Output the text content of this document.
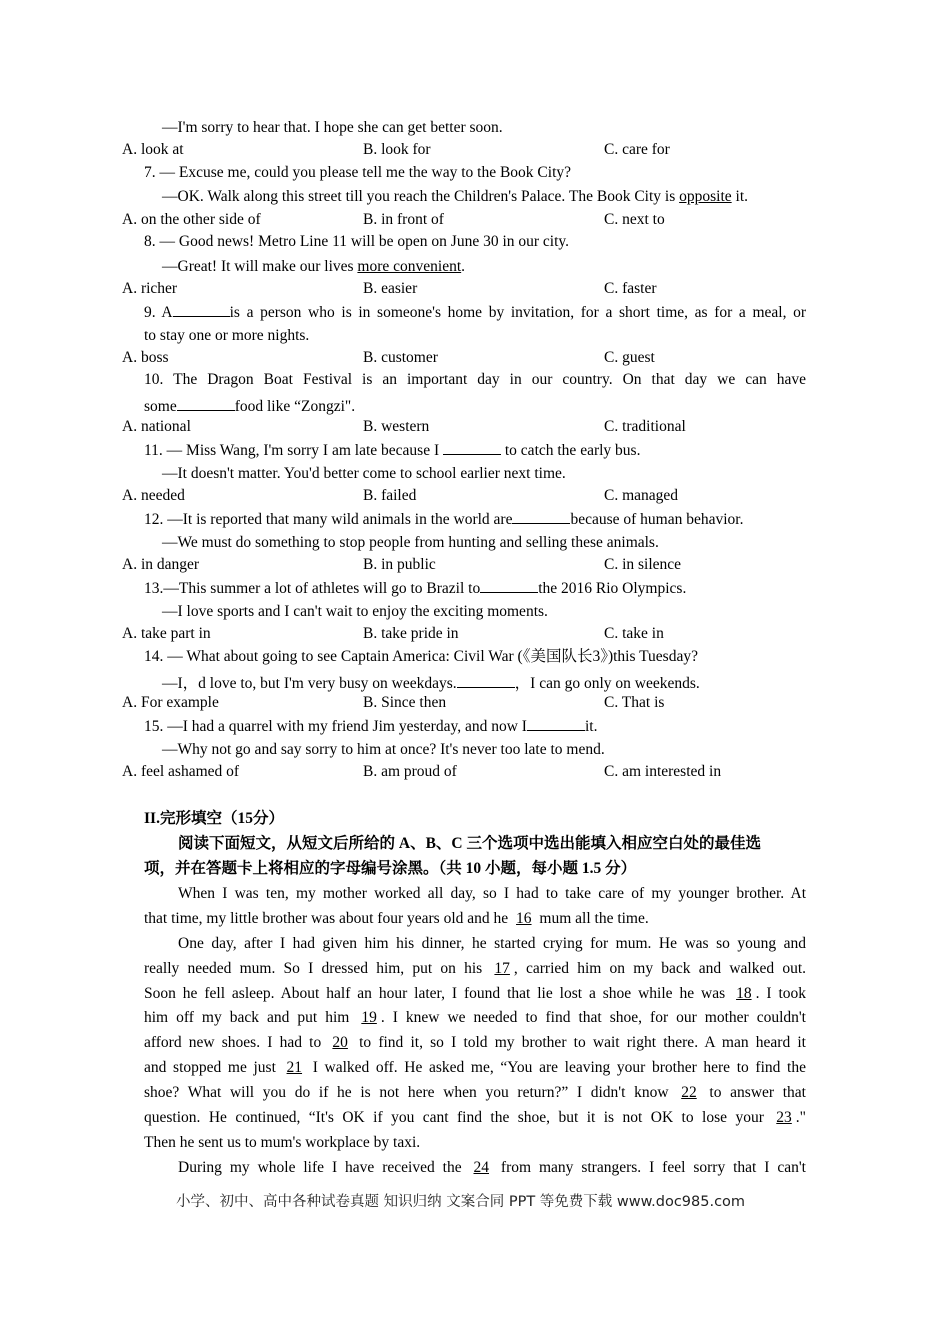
—I'm sorry to hear that. I hope she can get better soon.
A. look at	B. look for	C. care for
7. — Excuse me, could you please tell me the way to the Book City?
—OK. Walk along this street till you reach the Children's Palace. The Book City is opposite it.
A. on the other side of	B. in front of	C. next to
8. — Good news! Metro Line 11 will be open on June 30 in our city.
—Great! It will make our lives more convenient.
A. richer	B. easier	C. faster
9. A	is a person who is in someone's home by invitation, for a short time, as for a meal, or
to stay one or more nights.
A. boss	B. customer	C. guest
10. The Dragon Boat Festival is an important day in our country. On that day we can have
some	food like “Zongzi".
A. national	B. western	C. traditional
11. — Miss Wang, I'm sorry I am late because I	to catch the early bus.
—It doesn't matter. You'd better come to school earlier next time.
A. needed	B. failed	C. managed
12. —It is reported that many wild animals in the world are	because of human behavior.
—We must do something to stop people from hunting and selling these animals.
A. in danger	B. in public	C. in silence
13.—This summer a lot of athletes will go to Brazil to	the 2016 Rio Olympics.
—I love sports and I can't wait to enjoy the exciting moments.
A. take part in	B. take pride in	C. take in
14. — What about going to see Captain America: Civil War (《美国队长3》)this Tuesday?
—I，d love to, but I'm very busy on weekdays.	，I can go only on weekends.
A. For example	B. Since then	C. That is
15. —I had a quarrel with my friend Jim yesterday, and now I	it.
—Why not go and say sorry to him at once? It's never too late to mend.
A. feel ashamed of	B. am proud of	C. am interested in
II.完形填空（15分）
阅读下面短文，从短文后所给的 A、B、C 三个选项中选出能填入相应空白处的最佳选
项，并在答题卡上将相应的字母编号涂黑。（共 10 小题，每小题 1.5 分）
When I was ten, my mother worked all day, so I had to take care of my younger brother. At
that time, my little brother was about four years old and he 16 mum all the time.
One day, after I had given him his dinner, he started crying for mum. He was so young and
really needed mum. So I dressed him, put on his 17 , carried him on my back and walked out.
Soon he fell asleep. About half an hour later, I found that lie lost a shoe while he was 18 . I took
him off my back and put him 19 . I knew we needed to find that shoe, for our mother couldn't
afford new shoes. I had to 20 to find it, so I told my brother to wait right there. A man heard it
and stopped me just 21 I walked off. He asked me, “You are leaving your brother here to find the
shoe? What will you do if he is not here when you return?” I didn't know 22 to answer that
question. He continued, “It's OK if you cant find the shoe, but it is not OK to lose your 23 ."
Then he sent us to mum's workplace by taxi.
During my whole life I have received the 24 from many strangers. I feel sorry that I can't
小学、初中、高中各种试卷真题 知识归纳 文案合同 PPT 等免费下载 www.doc985.com
